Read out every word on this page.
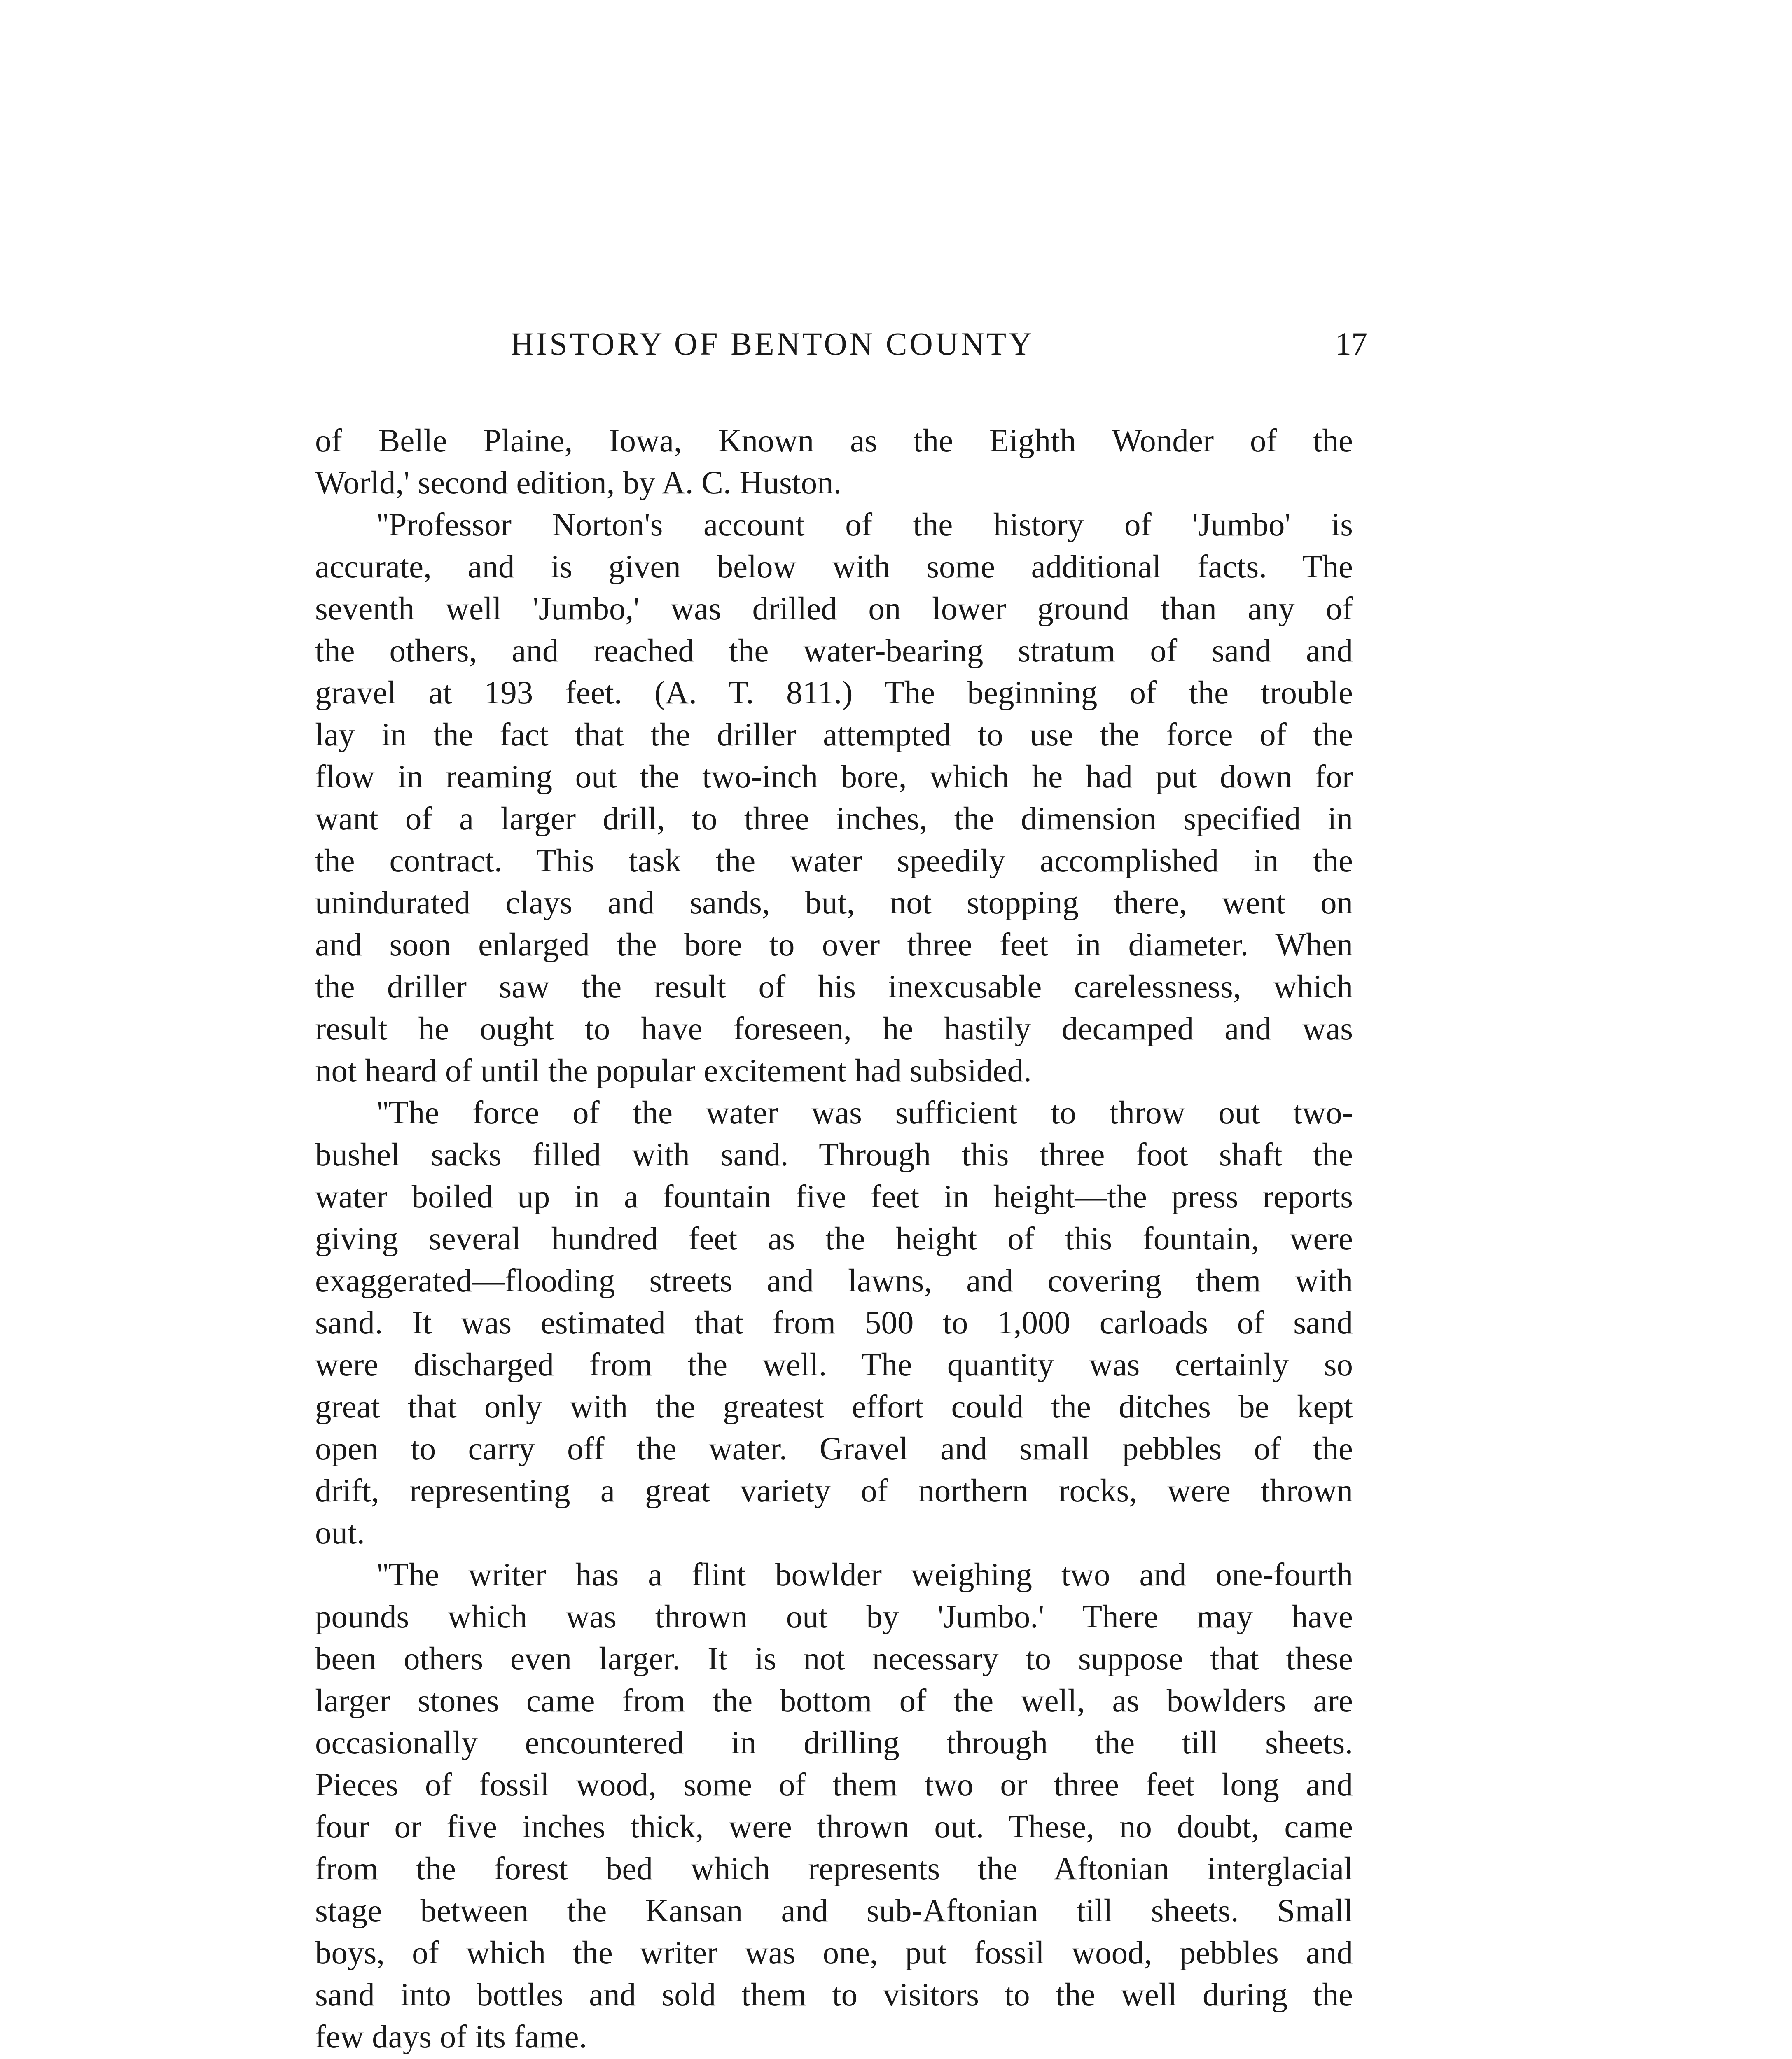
HISTORY OF BENTON COUNTY	17
of Belle Plaine, Iowa, Known as the Eighth Wonder of the
World,' second edition, by A. C. Huston.
''Professor Norton's account of the history of 'Jumbo' is
accurate, and is given below with some additional facts. The
seventh well 'Jumbo,' was drilled on lower ground than any of
the others, and reached the water-bearing stratum of sand and
gravel at 193 feet. (A. T. 811.) The beginning of the trouble
lay in the fact that the driller attempted to use the force of the
flow in reaming out the two-inch bore, which he had put down for
want of a larger drill, to three inches, the dimension specified in
the contract. This task the water speedily accomplished in the
unindurated clays and sands, but, not stopping there, went on
and soon enlarged the bore to over three feet in diameter. When
the driller saw the result of his inexcusable carelessness, which
result he ought to have foreseen, he hastily decamped and was
not heard of until the popular excitement had subsided.
''The force of the water was sufficient to throw out two-
bushel sacks filled with sand. Through this three foot shaft the
water boiled up in a fountain five feet in height—the press reports
giving several hundred feet as the height of this fountain, were
exaggerated—flooding streets and lawns, and covering them with
sand. It was estimated that from 500 to 1,000 carloads of sand
were discharged from the well. The quantity was certainly so
great that only with the greatest effort could the ditches be kept
open to carry off the water. Gravel and small pebbles of the
drift, representing a great variety of northern rocks, were thrown
out.
''The writer has a flint bowlder weighing two and one-fourth
pounds which was thrown out by 'Jumbo.' There may have
been others even larger. It is not necessary to suppose that these
larger stones came from the bottom of the well, as bowlders are
occasionally encountered in drilling through the till sheets.
Pieces of fossil wood, some of them two or three feet long and
four or five inches thick, were thrown out. These, no doubt, came
from the forest bed which represents the Aftonian interglacial
stage between the Kansan and sub-Aftonian till sheets. Small
boys, of which the writer was one, put fossil wood, pebbles and
sand into bottles and sold them to visitors to the well during the
few days of its fame.
